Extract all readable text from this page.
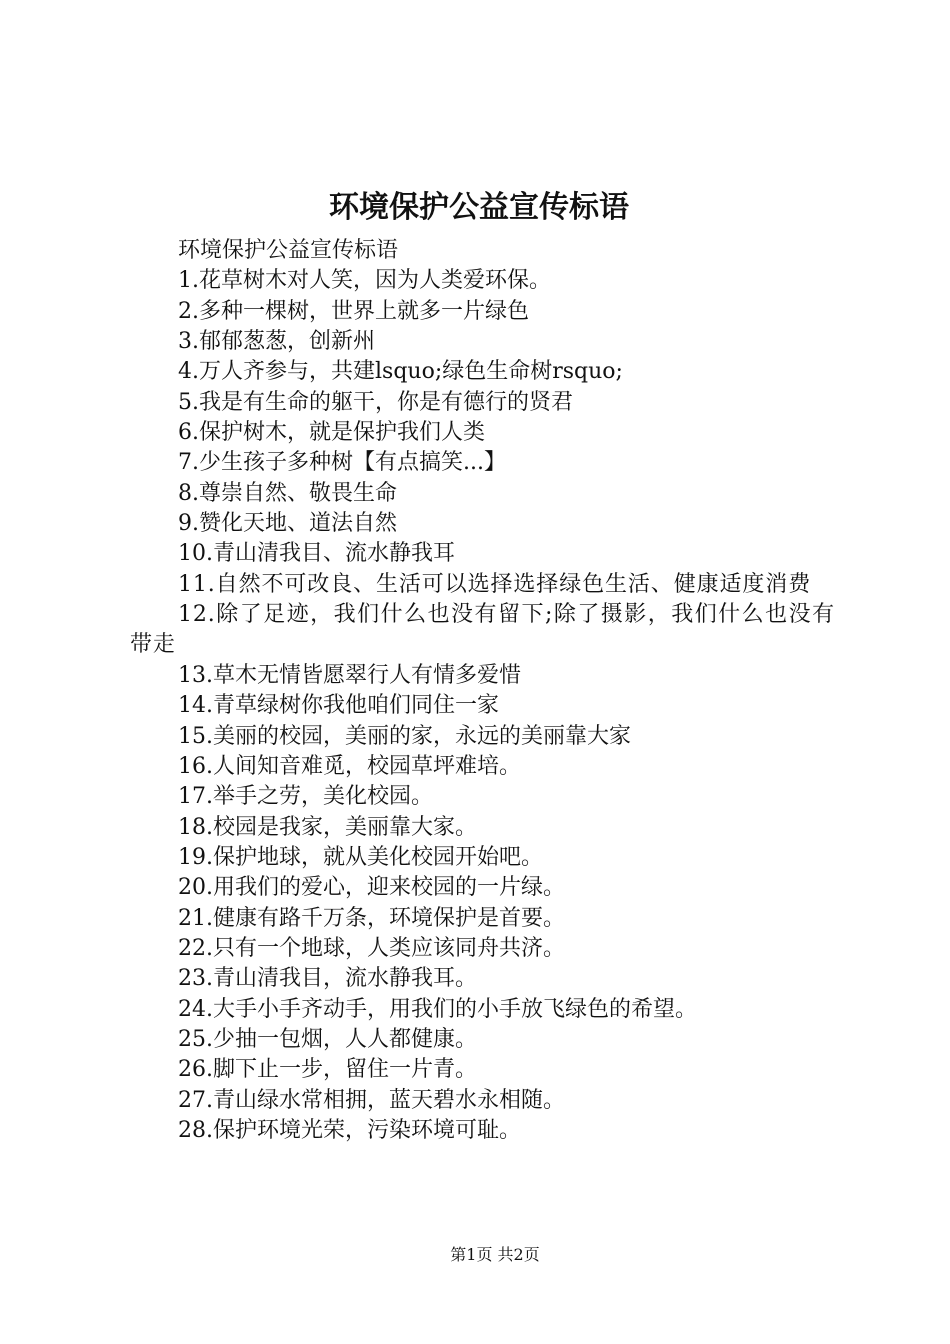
环境保护公益宣传标语
环境保护公益宣传标语
1.花草树木对人笑，因为人类爱环保。
2.多种一棵树，世界上就多一片绿色
3.郁郁葱葱，创新州
4.万人齐参与，共建lsquo;绿色生命树rsquo;
5.我是有生命的躯干，你是有德行的贤君
6.保护树木，就是保护我们人类
7.少生孩子多种树【有点搞笑...】
8.尊崇自然、敬畏生命
9.赞化天地、道法自然
10.青山清我目、流水静我耳
11.自然不可改良、生活可以选择选择绿色生活、健康适度消费
12.除了足迹，我们什么也没有留下;除了摄影，我们什么也没有带走
13.草木无情皆愿翠行人有情多爱惜
14.青草绿树你我他咱们同住一家
15.美丽的校园，美丽的家，永远的美丽靠大家
16.人间知音难觅，校园草坪难培。
17.举手之劳，美化校园。
18.校园是我家，美丽靠大家。
19.保护地球，就从美化校园开始吧。
20.用我们的爱心，迎来校园的一片绿。
21.健康有路千万条，环境保护是首要。
22.只有一个地球，人类应该同舟共济。
23.青山清我目，流水静我耳。
24.大手小手齐动手，用我们的小手放飞绿色的希望。
25.少抽一包烟，人人都健康。
26.脚下止一步，留住一片青。
27.青山绿水常相拥，蓝天碧水永相随。
28.保护环境光荣，污染环境可耻。
第1页 共2页
